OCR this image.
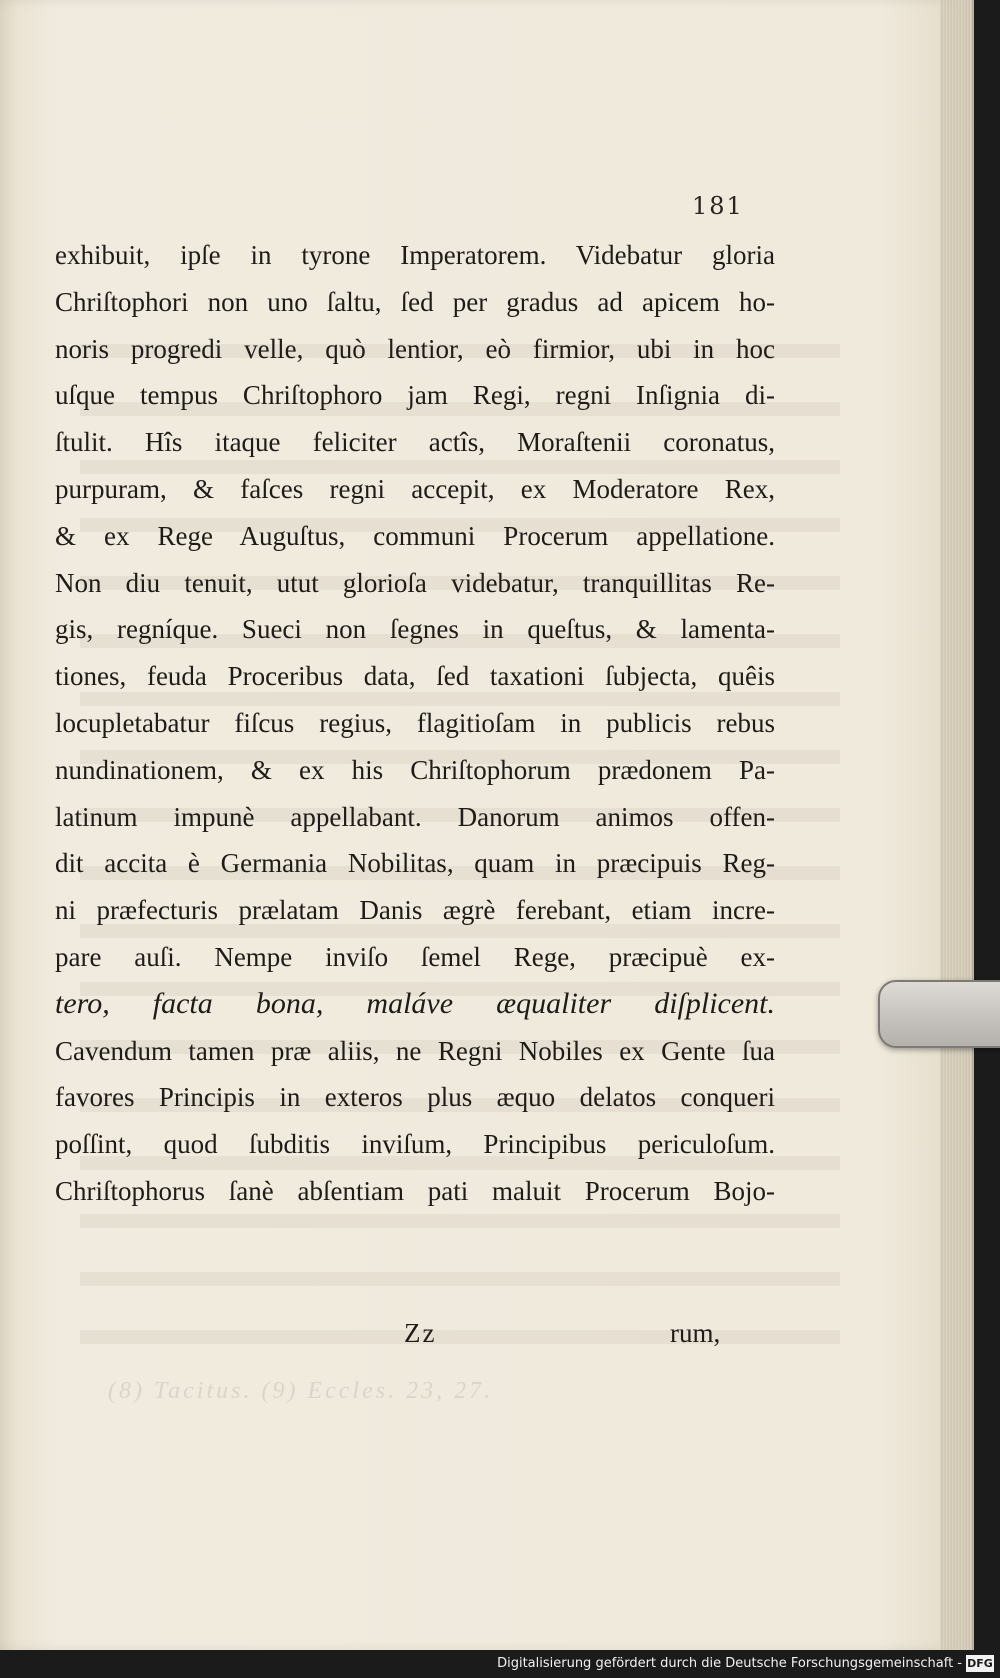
181
exhibuit, ipſe in tyrone Imperatorem. Videbatur gloria
Chriſtophori non uno ſaltu, ſed per gradus ad apicem ho-
noris progredi velle, quò lentior, eò firmior, ubi in hoc
uſque tempus Chriſtophoro jam Regi, regni Inſignia di-
ſtulit. Hîs itaque feliciter actîs, Moraſtenii coronatus,
purpuram, & faſces regni accepit, ex Moderatore Rex,
& ex Rege Auguſtus, communi Procerum appellatione.
Non diu tenuit, utut glorioſa videbatur, tranquillitas Re-
gis, regníque. Sueci non ſegnes in queſtus, & lamenta-
tiones, feuda Proceribus data, ſed taxationi ſubjecta, quêis
locupletabatur fiſcus regius, flagitioſam in publicis rebus
nundinationem, & ex his Chriſtophorum prædonem Pa-
latinum impunè appellabant. Danorum animos offen-
dit accita è Germania Nobilitas, quam in præcipuis Reg-
ni præfecturis prælatam Danis ægrè ferebant, etiam incre-
pare auſi. Nempe inviſo ſemel Rege, præcipuè ex-
tero, facta bona, maláve æqualiter diſplicent.
Cavendum tamen præ aliis, ne Regni Nobiles ex Gente ſua
favores Principis in exteros plus æquo delatos conqueri
poſſint, quod ſubditis inviſum, Principibus periculoſum.
Chriſtophorus ſanè abſentiam pati maluit Procerum Bojo-
Zz	rum,
(8) Tacitus. (9) Eccles. 23, 27.
Digitalisierung gefördert durch die Deutsche Forschungsgemeinschaft - DFG
